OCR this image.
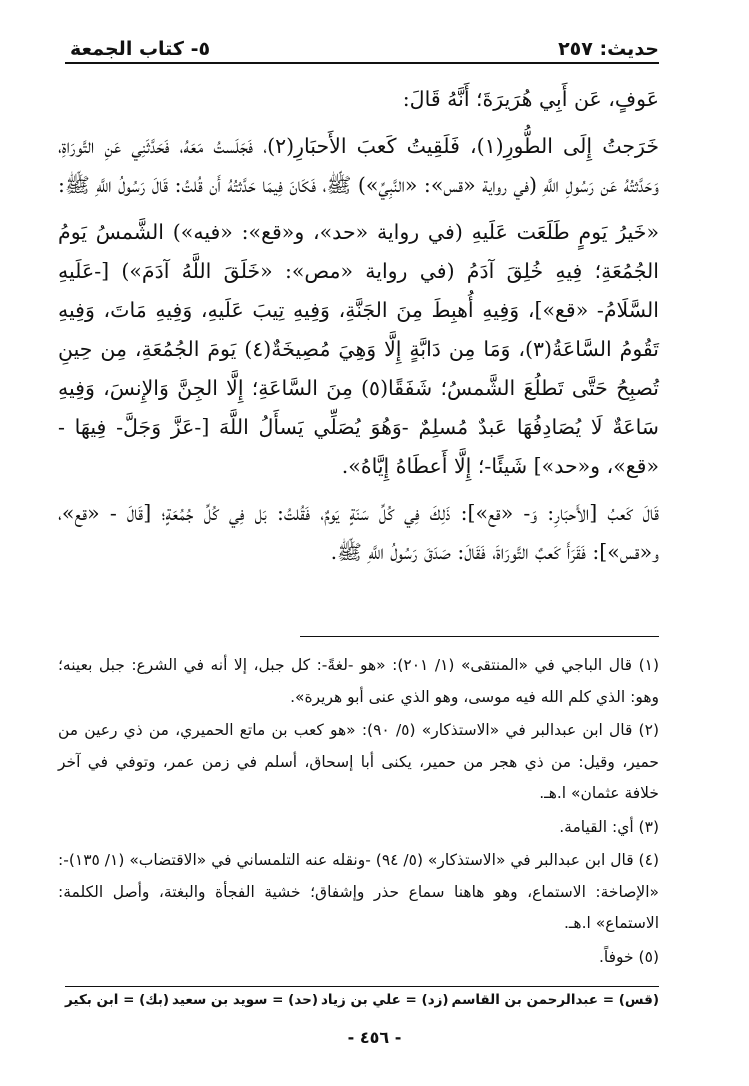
حديث: ٢٥٧
٥- كتاب الجمعة

عَوفٍ، عَن أَبِي هُرَيرَةَ؛ أَنَّهُ قَالَ:

خَرَجتُ إِلَى الطُّورِ(١)، فَلَقِيتُ كَعبَ الأَحبَارِ(٢)، فَجَلَستُ مَعَهُ، فَحَدَّثَنِي عَنِ التَّورَاةِ، وَحَدَّثتُهُ عَن رَسُولِ اللَّهِ (في رواية «قس»: «النَّبِيِّ») ﷺ، فَكَانَ فِيمَا حَدَّثتُهُ أَن قُلتُ: قَالَ رَسُولُ اللَّهِ ﷺ:

«خَيرُ يَومٍ طَلَعَت عَلَيهِ (في رواية «حد»، و«قع»: «فيه») الشَّمسُ يَومُ الجُمُعَةِ؛ فِيهِ خُلِقَ آدَمُ (في رواية «مص»: «خَلَقَ اللَّهُ آدَمَ») [-عَلَيهِ السَّلَامُ- «قع»]، وَفِيهِ أُهبِطَ مِنَ الجَنَّةِ، وَفِيهِ تِيبَ عَلَيهِ، وَفِيهِ مَاتَ، وَفِيهِ تَقُومُ السَّاعَةُ(٣)، وَمَا مِن دَابَّةٍ إِلَّا وَهِيَ مُصِيخَةٌ(٤) يَومَ الجُمُعَةِ، مِن حِينِ تُصبِحُ حَتَّى تَطلُعَ الشَّمسُ؛ شَفَقًا(٥) مِنَ السَّاعَةِ؛ إِلَّا الجِنَّ وَالإِنسَ، وَفِيهِ سَاعَةٌ لَا يُصَادِفُهَا عَبدٌ مُسلِمٌ -وَهُوَ يُصَلِّي يَسأَلُ اللَّهَ [-عَزَّ وَجَلَّ- فِيهَا - «قع»، و«حد»] شَيئًا-؛ إِلَّا أَعطَاهُ إِيَّاهُ».

قَالَ كَعبُ [الأَحبَارِ: وَ- «قع»]: ذَلِكَ فِي كُلِّ سَنَةٍ يَومٌ، فَقُلتُ: بَل فِي كُلِّ جُمُعَةٍ؛ [قَالَ - «قع»، و«قس»]: فَقَرَأَ كَعبٌ التَّورَاةَ، فَقَالَ: صَدَقَ رَسُولُ اللَّهِ ﷺ.

(١) قال الباجي في «المنتقى» (١/ ٢٠١): «هو -لغةً-: كل جبل، إلا أنه في الشرع: جبل بعينه؛ وهو: الذي كلم الله فيه موسى، وهو الذي عنى أبو هريرة».

(٢) قال ابن عبدالبر في «الاستذكار» (٥/ ٩٠): «هو كعب بن ماتع الحميري، من ذي رعين من حمير، وقيل: من ذي هجر من حمير، يكنى أبا إسحاق، أسلم في زمن عمر، وتوفي في آخر خلافة عثمان» ا.هـ.

(٣) أي: القيامة.

(٤) قال ابن عبدالبر في «الاستذكار» (٥/ ٩٤) -ونقله عنه التلمساني في «الاقتضاب» (١/ ١٣٥)-: «الإصاخة: الاستماع، وهو هاهنا سماع حذر وإشفاق؛ خشية الفجأة والبغتة، وأصل الكلمة: الاستماع» ا.هـ.

(٥) خوفاً.

(قس) = عبدالرحمن بن القاسم
(زد) = علي بن زياد
(حد) = سويد بن سعيد
(بك) = ابن بكير
- ٤٥٦ -
